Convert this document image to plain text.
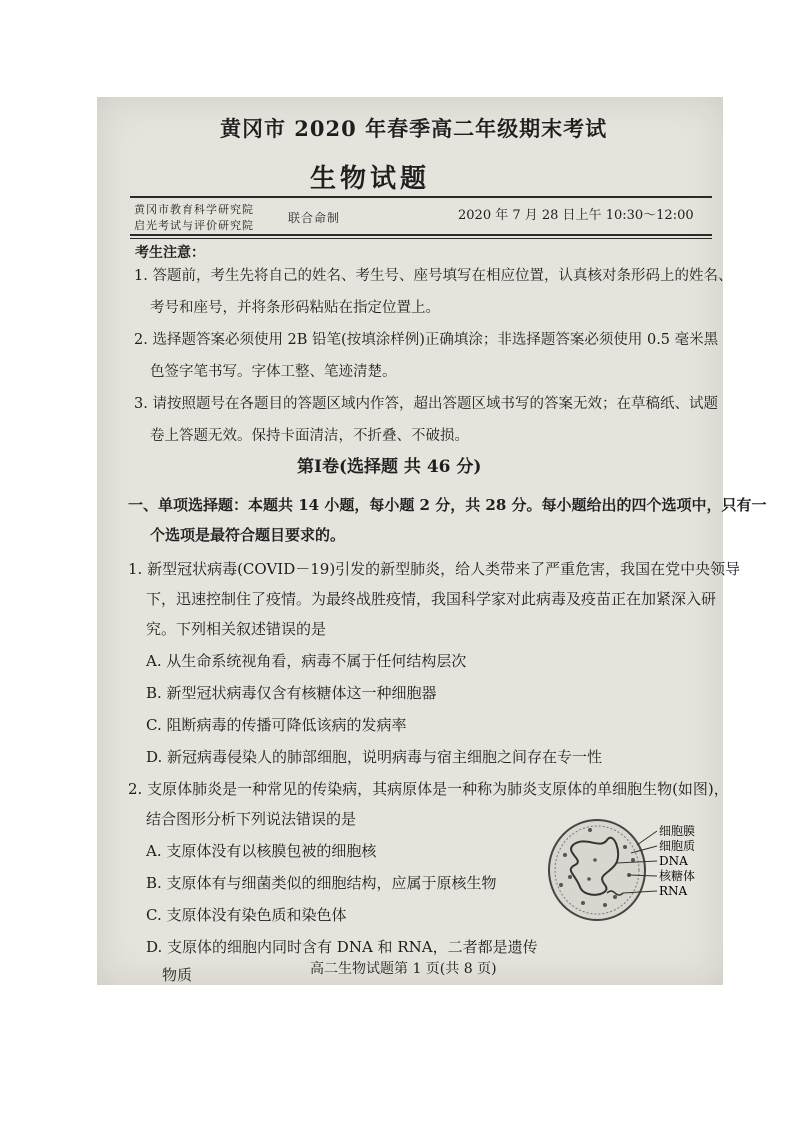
黄冈市 2020 年春季高二年级期末考试
生物试题
黄冈市教育科学研究院
启光考试与评价研究院
联合命制	2020 年 7 月 28 日上午 10:30～12:00
考生注意：
1. 答题前，考生先将自己的姓名、考生号、座号填写在相应位置，认真核对条形码上的姓名、
考号和座号，并将条形码粘贴在指定位置上。
2. 选择题答案必须使用 2B 铅笔(按填涂样例)正确填涂；非选择题答案必须使用 0.5 毫米黑
色签字笔书写。字体工整、笔迹清楚。
3. 请按照题号在各题目的答题区域内作答，超出答题区域书写的答案无效；在草稿纸、试题
卷上答题无效。保持卡面清洁，不折叠、不破损。
第Ⅰ卷(选择题 共 46 分)
一、单项选择题：本题共 14 小题，每小题 2 分，共 28 分。每小题给出的四个选项中，只有一
个选项是最符合题目要求的。
1. 新型冠状病毒(COVID－19)引发的新型肺炎，给人类带来了严重危害，我国在党中央领导
下，迅速控制住了疫情。为最终战胜疫情，我国科学家对此病毒及疫苗正在加紧深入研
究。下列相关叙述错误的是
A. 从生命系统视角看，病毒不属于任何结构层次
B. 新型冠状病毒仅含有核糖体这一种细胞器
C. 阻断病毒的传播可降低该病的发病率
D. 新冠病毒侵染人的肺部细胞，说明病毒与宿主细胞之间存在专一性
2. 支原体肺炎是一种常见的传染病，其病原体是一种称为肺炎支原体的单细胞生物(如图)，
结合图形分析下列说法错误的是
A. 支原体没有以核膜包被的细胞核
B. 支原体有与细菌类似的细胞结构，应属于原核生物
C. 支原体没有染色质和染色体
D. 支原体的细胞内同时含有 DNA 和 RNA，二者都是遗传
物质
细胞膜
细胞质
DNA
核糖体
RNA
高二生物试题第 1 页(共 8 页)
